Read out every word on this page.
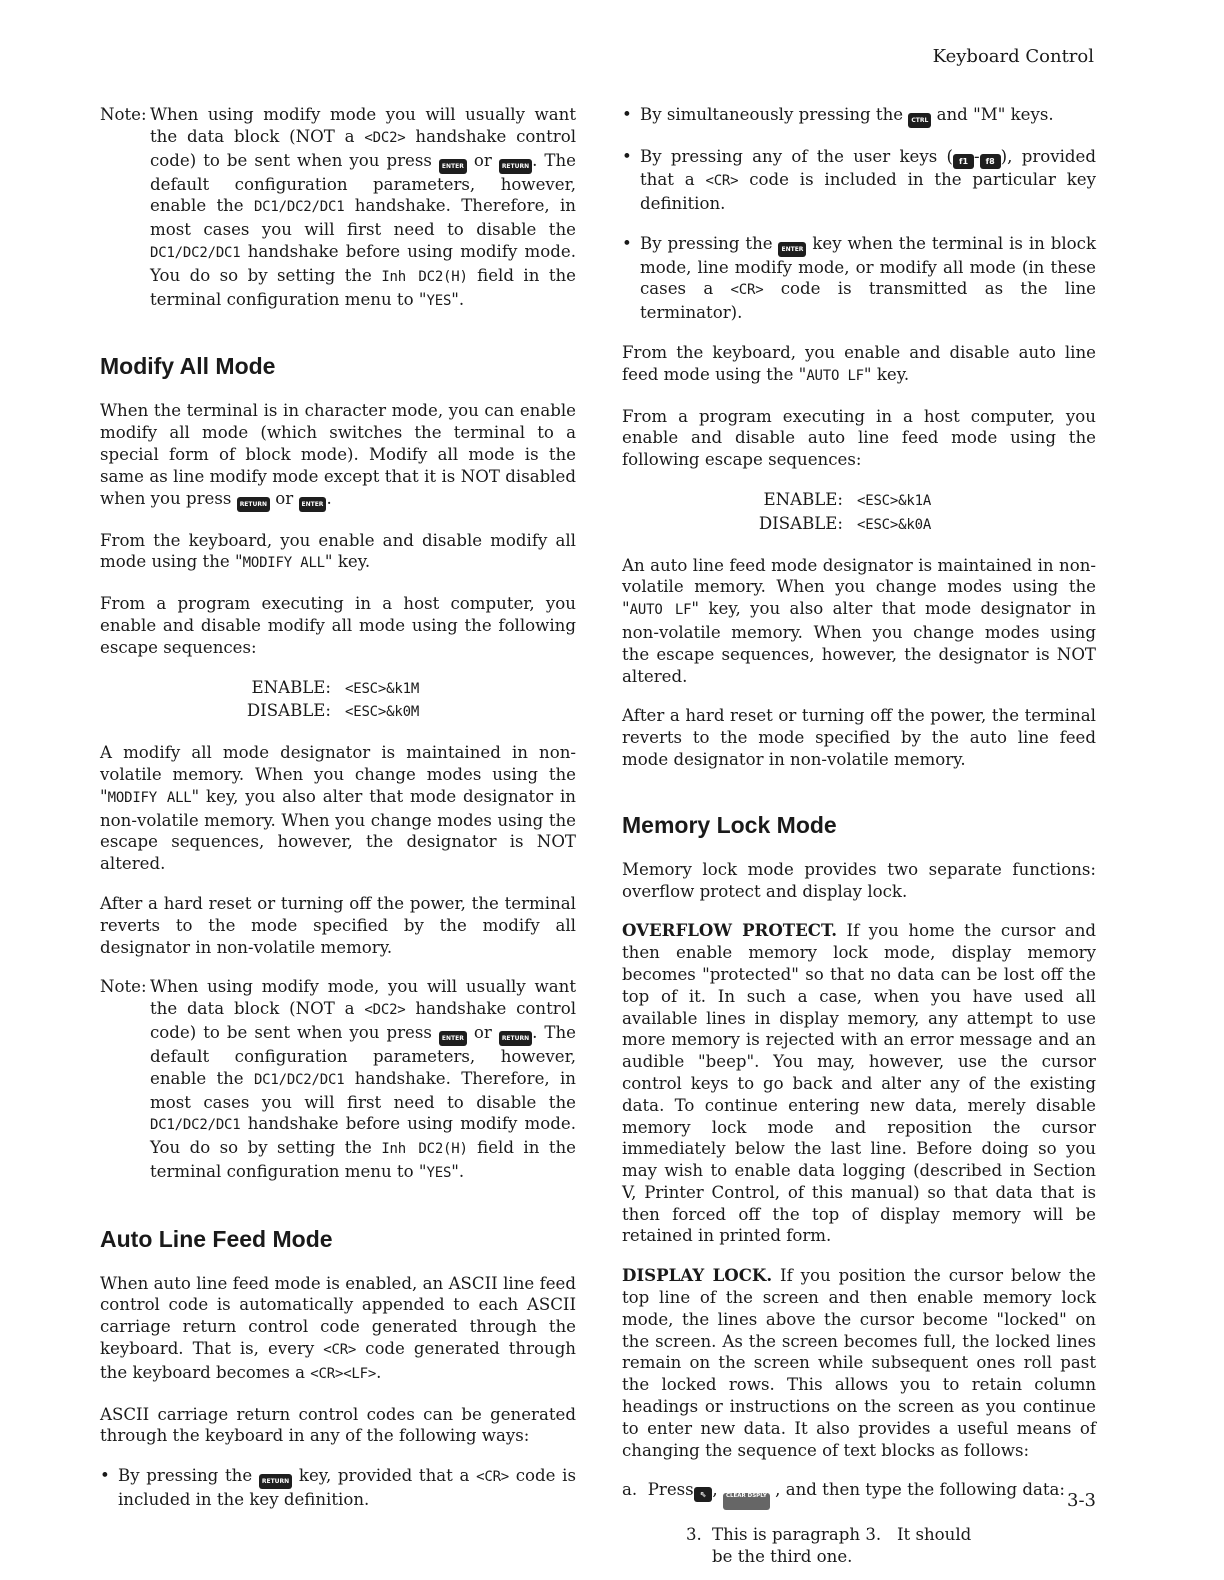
Keyboard Control
Note: When using modify mode you will usually want the data block (NOT a <DC2> handshake control code) to be sent when you press ENTER or RETURN . The default configuration parameters, however, enable the DC1/DC2/DC1 handshake. Therefore, in most cases you will first need to disable the DC1/DC2/DC1 handshake before using modify mode. You do so by setting the Inh DC2(H) field in the terminal configuration menu to "YES".
Modify All Mode

When the terminal is in character mode, you can enable modify all mode (which switches the terminal to a special form of block mode). Modify all mode is the same as line modify mode except that it is NOT disabled when you press RETURN or ENTER .

From the keyboard, you enable and disable modify all mode using the "MODIFY ALL" key.

From a program executing in a host computer, you enable and disable modify all mode using the following escape sequences:

ENABLE:	<ESC>&k1M
DISABLE:	<ESC>&k0M

A modify all mode designator is maintained in non-volatile memory. When you change modes using the "MODIFY ALL" key, you also alter that mode designator in non-volatile memory. When you change modes using the escape sequences, however, the designator is NOT altered.

After a hard reset or turning off the power, the terminal reverts to the mode specified by the modify all designator in non-volatile memory.

Note: When using modify mode, you will usually want the data block (NOT a <DC2> handshake control code) to be sent when you press ENTER or RETURN . The default configuration parameters, however, enable the DC1/DC2/DC1 handshake. Therefore, in most cases you will first need to disable the DC1/DC2/DC1 handshake before using modify mode. You do so by setting the Inh DC2(H) field in the terminal configuration menu to "YES".
Auto Line Feed Mode

When auto line feed mode is enabled, an ASCII line feed control code is automatically appended to each ASCII carriage return control code generated through the keyboard. That is, every <CR> code generated through the keyboard becomes a <CR><LF>.

ASCII carriage return control codes can be generated through the keyboard in any of the following ways:

• By pressing the RETURN key, provided that a <CR> code is included in the key definition.
• By simultaneously pressing the CTRL and "M" keys.
• By pressing any of the user keys ( f1 - f8 ), provided that a <CR> code is included in the particular key definition.
• By pressing the ENTER key when the terminal is in block mode, line modify mode, or modify all mode (in these cases a <CR> code is transmitted as the line terminator).

From the keyboard, you enable and disable auto line feed mode using the "AUTO LF" key.

From a program executing in a host computer, you enable and disable auto line feed mode using the following escape sequences:

ENABLE:	<ESC>&k1A
DISABLE:	<ESC>&k0A

An auto line feed mode designator is maintained in non-volatile memory. When you change modes using the "AUTO LF" key, you also alter that mode designator in non-volatile memory. When you change modes using the escape sequences, however, the designator is NOT altered.

After a hard reset or turning off the power, the terminal reverts to the mode specified by the auto line feed mode designator in non-volatile memory.

Memory Lock Mode

Memory lock mode provides two separate functions: overflow protect and display lock.

OVERFLOW PROTECT. If you home the cursor and then enable memory lock mode, display memory becomes "protected" so that no data can be lost off the top of it. In such a case, when you have used all available lines in display memory, any attempt to use more memory is rejected with an error message and an audible "beep". You may, however, use the cursor control keys to go back and alter any of the existing data. To continue entering new data, merely disable memory lock mode and reposition the cursor immediately below the last line. Before doing so you may wish to enable data logging (described in Section V, Printer Control, of this manual) so that data that is then forced off the top of display memory will be retained in printed form.

DISPLAY LOCK. If you position the cursor below the top line of the screen and then enable memory lock mode, the lines above the cursor become "locked" on the screen. As the screen becomes full, the locked lines remain on the screen while subsequent ones roll past the locked rows. This allows you to retain column headings or instructions on the screen as you continue to enter new data. It also provides a useful means of changing the sequence of text blocks as follows:

a. Press ⇖ , CLEAR DSPLY , and then type the following data:
3. This is paragraph 3.   It should
be the third one.
3-3
